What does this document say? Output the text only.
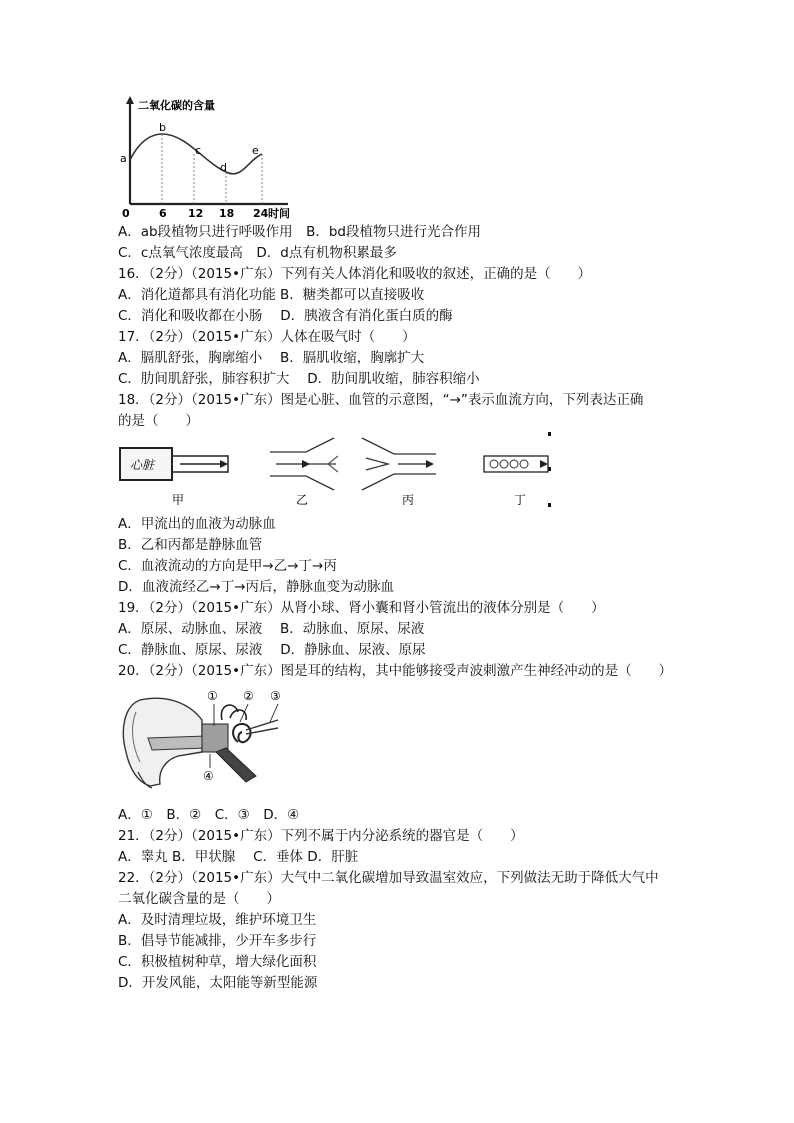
二氧化碳的含量
a
b
c
d
e
0	6 12 18 24 时间
A．ab段植物只进行呼吸作用　B．bd段植物只进行光合作用
C．c点氧气浓度最高　D．d点有机物积累最多
16．（2分）（2015•广东）下列有关人体消化和吸收的叙述，正确的是（　　）
A．消化道都具有消化功能 B．糖类都可以直接吸收
C．消化和吸收都在小肠　 D．胰液含有消化蛋白质的酶
17．（2分）（2015•广东）人体在吸气时（　　）
A．膈肌舒张，胸廓缩小　 B．膈肌收缩，胸廓扩大
C．肋间肌舒张，肺容积扩大　 D．肋间肌收缩，肺容积缩小
18．（2分）（2015•广东）图是心脏、血管的示意图，“→”表示血流方向，下列表达正确
的是（　　）
心脏
甲	乙	丙	丁
A．甲流出的血液为动脉血
B．乙和丙都是静脉血管
C．血液流动的方向是甲→乙→丁→丙
D．血液流经乙→丁→丙后，静脉血变为动脉血
19．（2分）（2015•广东）从肾小球、肾小囊和肾小管流出的液体分别是（　　）
A．原尿、动脉血、尿液　 B．动脉血、原尿、尿液
C．静脉血、原尿、尿液　 D．静脉血、尿液、原尿
20．（2分）（2015•广东）图是耳的结构，其中能够接受声波刺激产生神经冲动的是（　　）
① ② ③
④
A．①　B．②　C．③　D．④
21．（2分）（2015•广东）下列不属于内分泌系统的器官是（　　）
A．睾丸 B．甲状腺　 C．垂体 D．肝脏
22．（2分）（2015•广东）大气中二氧化碳增加导致温室效应，下列做法无助于降低大气中
二氧化碳含量的是（　　）
A．及时清理垃圾，维护环境卫生
B．倡导节能减排，少开车多步行
C．积极植树种草，增大绿化面积
D．开发风能，太阳能等新型能源
